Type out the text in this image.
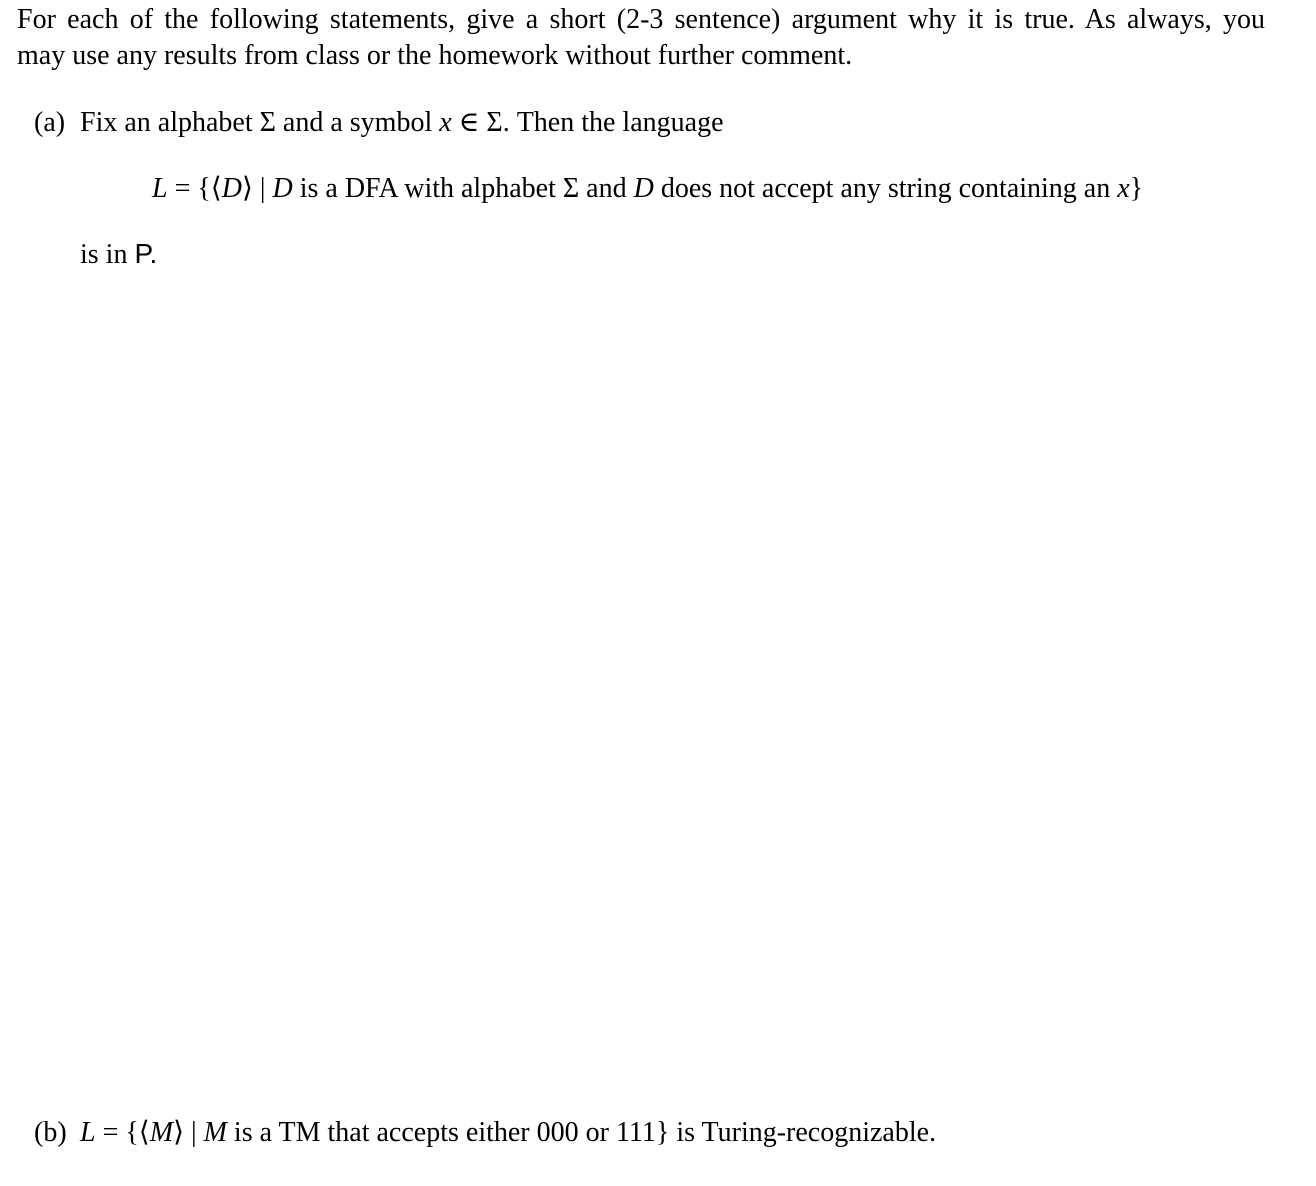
For each of the following statements, give a short (2-3 sentence) argument why it is true. As always, you
may use any results from class or the homework without further comment.
(a) Fix an alphabet Σ and a symbol x ∈ Σ. Then the language
L = {⟨D⟩ | D is a DFA with alphabet Σ and D does not accept any string containing an x}
is in P.
(b) L = {⟨M⟩ | M is a TM that accepts either 000 or 111} is Turing-recognizable.
